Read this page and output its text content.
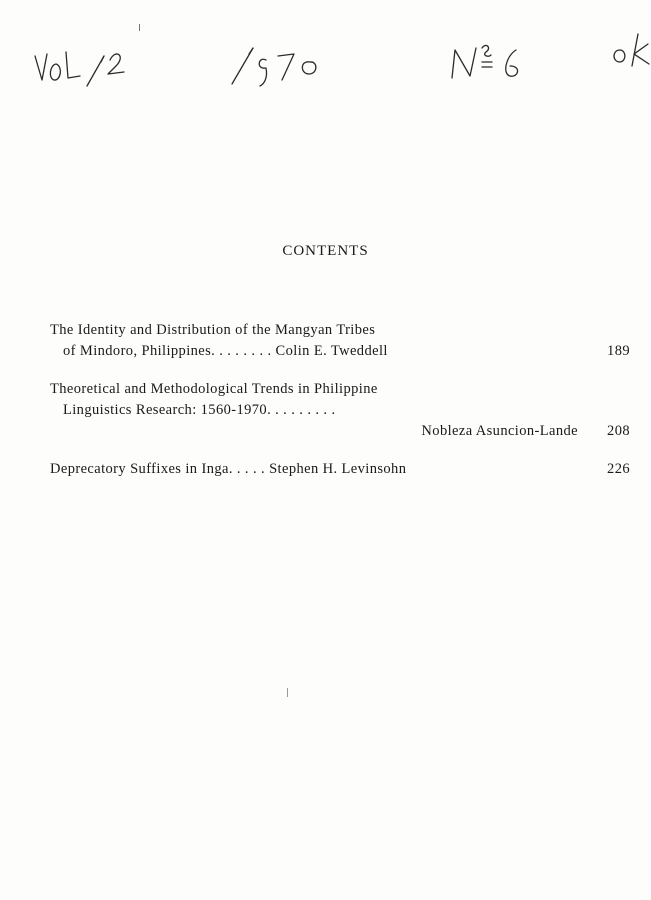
CONTENTS
The Identity and Distribution of the Mangyan Tribes
of Mindoro, Philippines. . . . . . . . Colin E. Tweddell	189
Theoretical and Methodological Trends in Philippine
Linguistics Research: 1560-1970. . . . . . . . .
Nobleza Asuncion-Lande 208
Deprecatory Suffixes in Inga. . . . . Stephen H. Levinsohn	226
